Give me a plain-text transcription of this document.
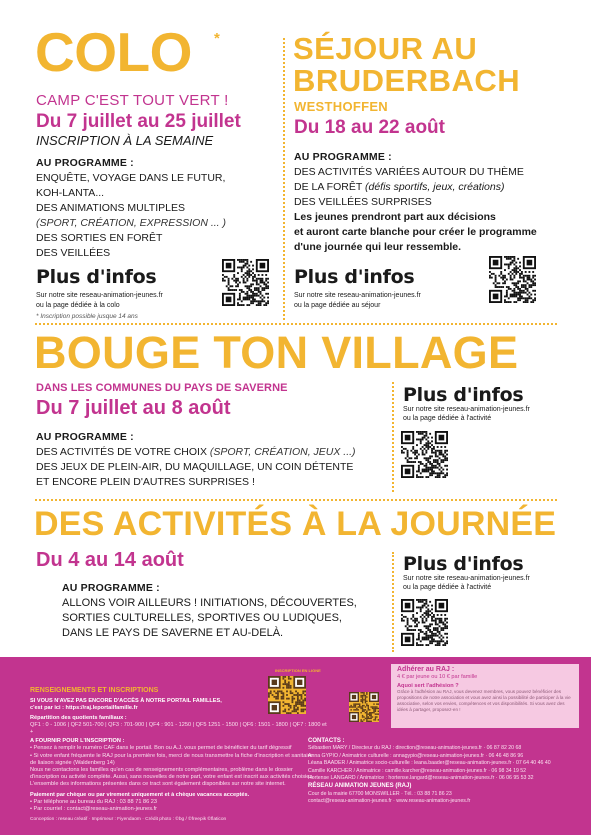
COLO *
CAMP C'EST TOUT VERT !
Du 7 juillet au 25 juillet
INSCRIPTION À LA SEMAINE
AU PROGRAMME :
ENQUÊTE, VOYAGE DANS LE FUTUR,
KOH-LANTA...
DES ANIMATIONS MULTIPLES
(SPORT, CRÉATION, EXPRESSION ... )
DES SORTIES EN FORÊT
DES VEILLÉES
Plus d'infos
Sur notre site reseau-animation-jeunes.fr
ou la page dédiée à la colo
* Inscription possible jusque 14 ans
SÉJOUR AU
BRUDERBACH
WESTHOFFEN
Du 18 au 22 août
AU PROGRAMME :
DES ACTIVITÉS VARIÉES AUTOUR DU THÈME
DE LA FORÊT (défis sportifs, jeux, créations)
DES VEILLÉES SURPRISES
Les jeunes prendront part aux décisions
et auront carte blanche pour créer le programme
d'une journée qui leur ressemble.
Plus d'infos
Sur notre site reseau-animation-jeunes.fr
ou la page dédiée au séjour
BOUGE TON VILLAGE
DANS LES COMMUNES DU PAYS DE SAVERNE
Du 7 juillet au 8 août
AU PROGRAMME :
DES ACTIVITÉS DE VOTRE CHOIX (SPORT, CRÉATION, JEUX ...)
DES JEUX DE PLEIN-AIR, DU MAQUILLAGE, UN COIN DÉTENTE
ET ENCORE PLEIN D'AUTRES SURPRISES !
Plus d'infos
Sur notre site reseau-animation-jeunes.fr
ou la page dédiée à l'activité
DES ACTIVITÉS À LA JOURNÉE
Du 4 au 14 août
AU PROGRAMME :
ALLONS VOIR AILLEURS ! INITIATIONS, DÉCOUVERTES,
SORTIES CULTURELLES, SPORTIVES OU LUDIQUES,
DANS LE PAYS DE SAVERNE ET AU-DELÀ.
Plus d'infos
Sur notre site reseau-animation-jeunes.fr
ou la page dédiée à l'activité
RENSEIGNEMENTS ET INSCRIPTIONS
SI VOUS N'AVEZ PAS ENCORE D'ACCÈS À NOTRE PORTAIL FAMILLES,
c'est par ici : https://raj.leportailfamille.fr
Répartition des quotients familiaux :
QF1 : 0 - 1006 | QF2 501-700 | QF3 : 701-900 | QF4 : 901 - 1250 | QF5 1251 - 1500 | QF6 : 1501 - 1800 | QF7 : 1800 et +
A FOURNIR POUR L'INSCRIPTION :
• Pensez à remplir le numéro CAF dans le portail. Bon ou A.J. vous permet de bénéficier du tarif dégressif
• Si votre enfant fréquente le RAJ pour la première fois, merci de nous transmettre la fiche d'inscription et sanitaire
de liaison signée (Waldenberg 14)
Nous ne contactons les familles qu'en cas de renseignements complémentaires, problème dans le dossier
d'inscription ou activité complète. Aussi, sans nouvelles de notre part, votre enfant est inscrit aux activités choisies.
L'ensemble des informations présentes dans ce tract sont également disponibles sur notre site internet.
Paiement par chèque ou par virement uniquement et à chèque vacances acceptés.
• Par téléphone au bureau du RAJ : 03 88 71 86 23
• Par courriel : contact@reseau-animation-jeunes.fr
Conception : reseau créatif · Imprimeur : Fiyendaom · Crédit photo : ©bg / ©freepik ©flaticon
INSCRIPTION EN LIGNE	Adhérer au RAJ :
4 € par jeune ou 10 € par famille
Aquoi sert l'adhésion ?
Grâce à l'adhésion au RAJ, vous devenez membres, vous pouvez bénéficier des propositions de notre association et vous avez ainsi la possibilité de participer à la vie associative, selon vos envies, compétences et vos disponibilités. Si vous avez des idées à partager, proposez-en !
CONTACTS :
Sébastien MARY / Directeur du RAJ : direction@reseau-animation-jeunes.fr · 06 87 82 20 68
Anna GYPIO / Animatrice culturelle : annagypio@reseau-animation-jeunes.fr · 06 46 48 86 96
Léana BAADER / Animatrice socio-culturelle : leana.baader@reseau-animation-jeunes.fr · 07 64 40 46 40
Camille KARCHER / Animatrice : camille.karcher@reseau-animation-jeunes.fr · 06 98 34 19 52
Hortense LANGARD / Animatrice : hortense.langard@reseau-animation-jeunes.fr · 06 06 95 53 32
RÉSEAU ANIMATION JEUNES (RAJ)
Cour de la mairie 67700 MONSWILLER · Tél. : 03 88 71 86 23
contact@reseau-animation-jeunes.fr · www.reseau-animation-jeunes.fr
